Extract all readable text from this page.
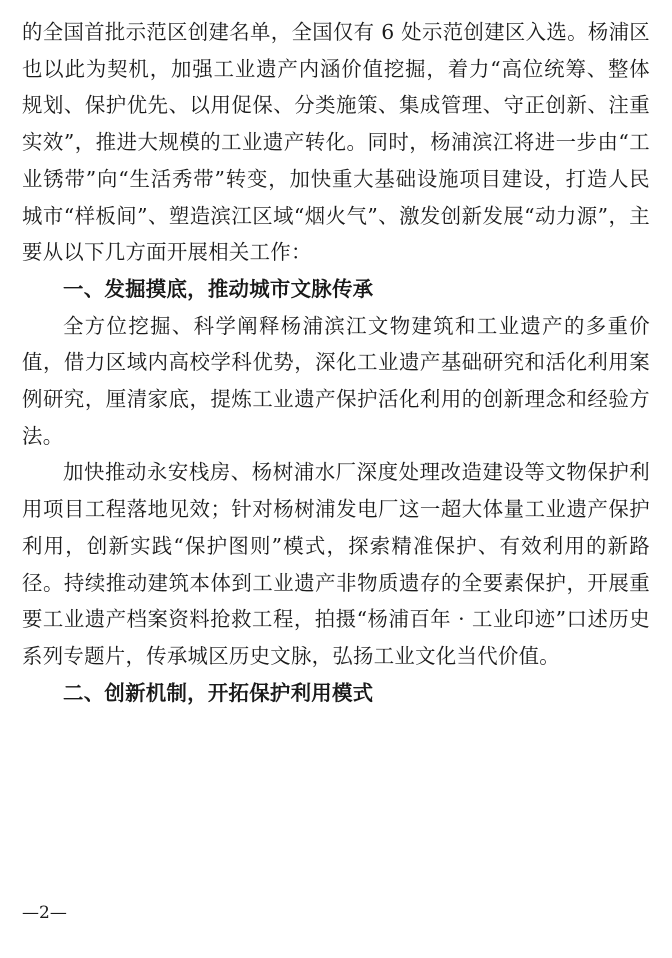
的全国首批示范区创建名单，全国仅有 6 处示范创建区入选。杨浦区也以此为契机，加强工业遗产内涵价值挖掘，着力“高位统筹、整体规划、保护优先、以用促保、分类施策、集成管理、守正创新、注重实效”，推进大规模的工业遗产转化。同时，杨浦滨江将进一步由“工业锈带”向“生活秀带”转变，加快重大基础设施项目建设，打造人民城市“样板间”、塑造滨江区域“烟火气”、激发创新发展“动力源”，主要从以下几方面开展相关工作：

一、发掘摸底，推动城市文脉传承

全方位挖掘、科学阐释杨浦滨江文物建筑和工业遗产的多重价值，借力区域内高校学科优势，深化工业遗产基础研究和活化利用案例研究，厘清家底，提炼工业遗产保护活化利用的创新理念和经验方法。

加快推动永安栈房、杨树浦水厂深度处理改造建设等文物保护利用项目工程落地见效；针对杨树浦发电厂这一超大体量工业遗产保护利用，创新实践“保护图则”模式，探索精准保护、有效利用的新路径。持续推动建筑本体到工业遗产非物质遗存的全要素保护，开展重要工业遗产档案资料抢救工程，拍摄“杨浦百年 · 工业印迹”口述历史系列专题片，传承城区历史文脉，弘扬工业文化当代价值。

二、创新机制，开拓保护利用模式

—2—
